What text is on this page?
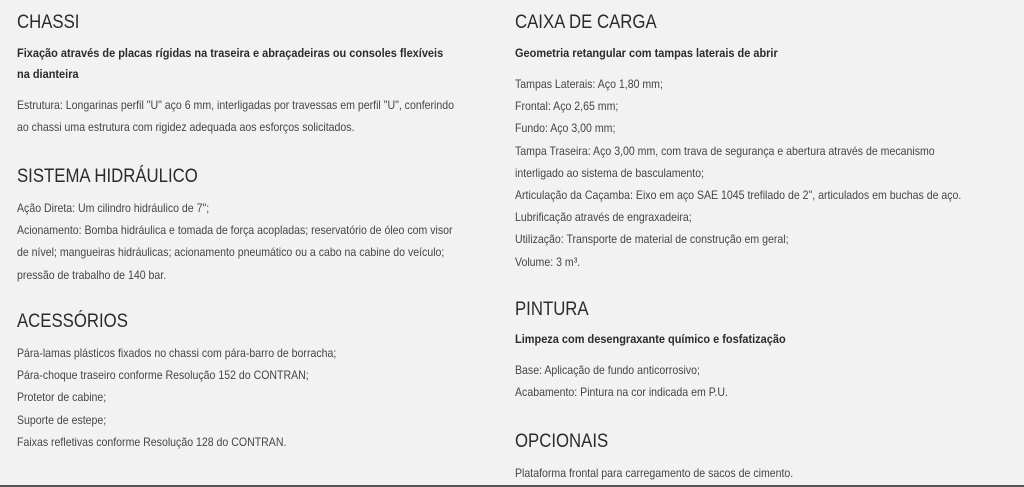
CHASSI

Fixação através de placas rígidas na traseira e abraçadeiras ou consoles flexíveis

na dianteira

Estrutura: Longarinas perfil "U" aço 6 mm, interligadas por travessas em perfil "U", conferindo
ao chassi uma estrutura com rigidez adequada aos esforços solicitados.
SISTEMA HIDRÁULICO
Ação Direta: Um cilindro hidráulico de 7";
Acionamento: Bomba hidráulica e tomada de força acopladas; reservatório de óleo com visor
de nível; mangueiras hidráulicas; acionamento pneumático ou a cabo na cabine do veículo;
pressão de trabalho de 140 bar.
ACESSÓRIOS
Pára-lamas plásticos fixados no chassi com pára-barro de borracha;
Pára-choque traseiro conforme Resolução 152 do CONTRAN;
Protetor de cabine;
Suporte de estepe;
Faixas refletivas conforme Resolução 128 do CONTRAN.
CAIXA DE CARGA

Geometria retangular com tampas laterais de abrir

Tampas Laterais: Aço 1,80 mm;
Frontal: Aço 2,65 mm;
Fundo: Aço 3,00 mm;
Tampa Traseira: Aço 3,00 mm, com trava de segurança e abertura através de mecanismo
interligado ao sistema de basculamento;
Articulação da Caçamba: Eixo em aço SAE 1045 trefilado de 2", articulados em buchas de aço.
Lubrificação através de engraxadeira;
Utilização: Transporte de material de construção em geral;
Volume: 3 m³.
PINTURA

Limpeza com desengraxante químico e fosfatização

Base: Aplicação de fundo anticorrosivo;
Acabamento: Pintura na cor indicada em P.U.
OPCIONAIS
Plataforma frontal para carregamento de sacos de cimento.
